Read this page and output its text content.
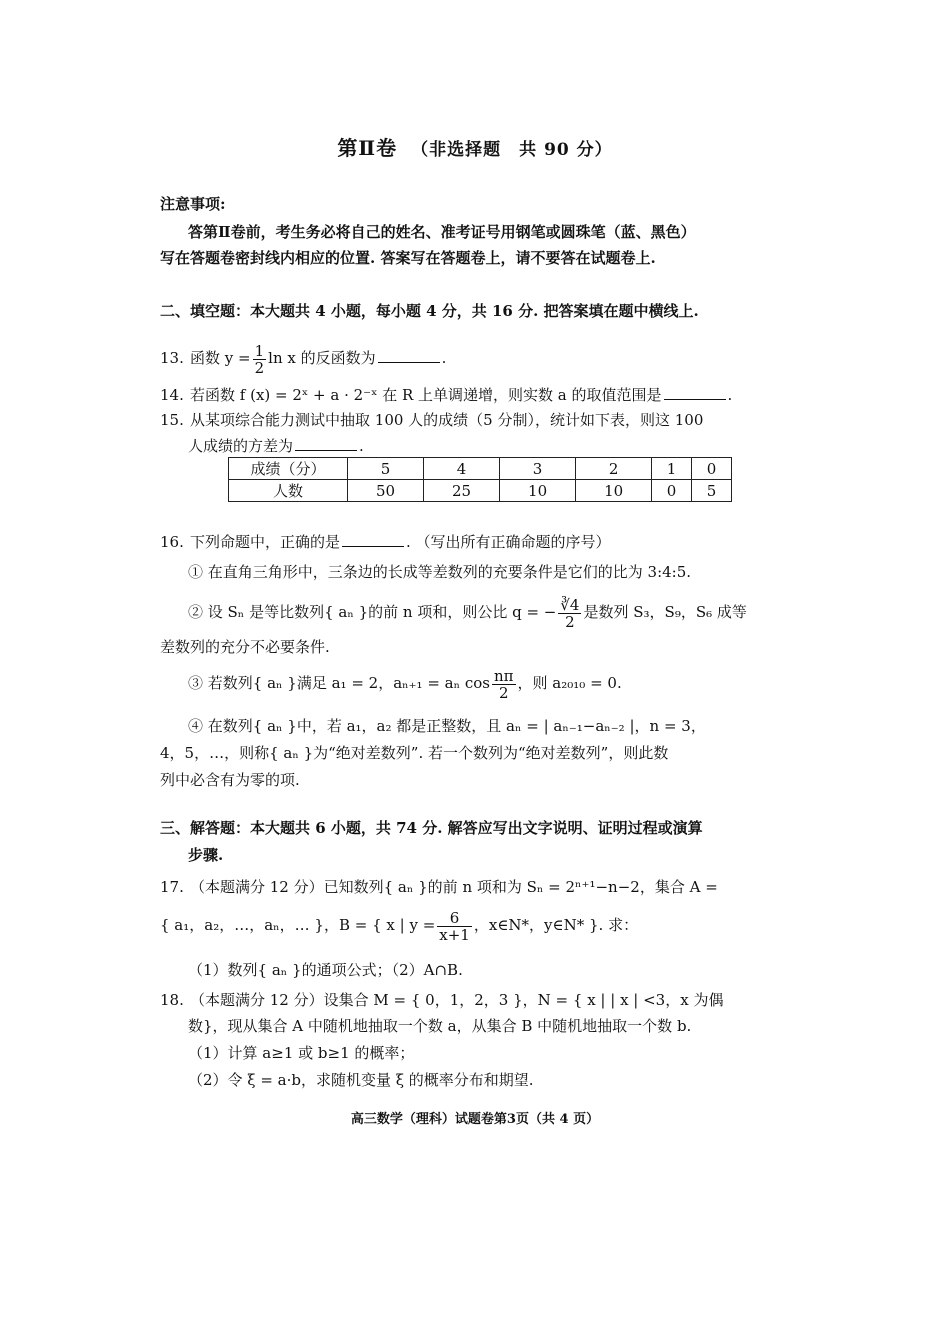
第Ⅱ卷 （非选择题　共 90 分）
注意事项:
答第Ⅱ卷前，考生务必将自己的姓名、准考证号用钢笔或圆珠笔（蓝、黑色）
写在答题卷密封线内相应的位置. 答案写在答题卷上，请不要答在试题卷上.
二、填空题：本大题共 4 小题，每小题 4 分，共 16 分. 把答案填在题中横线上.
13. 函数 $y = \frac{1}{2}$ ln x 的反函数为	.
14. 若函数 f (x) = 2ˣ + a · 2⁻ˣ 在 R 上单调递增，则实数 a 的取值范围是	.
15. 从某项综合能力测试中抽取 100 人的成绩（5 分制），统计如下表，则这 100
人成绩的方差为	.
成绩（分）	5	4	3	2	1	0
人数	50	25	10	10	0	5
16. 下列命题中，正确的是	. （写出所有正确命题的序号）
① 在直角三角形中，三条边的长成等差数列的充要条件是它们的比为 3:4:5.
② 设 Sₙ 是等比数列{ aₙ }的前 n 项和，则公比 q = − $\frac{∛4}{2}$ 是数列 S₃，S₉，S₆ 成等
差数列的充分不必要条件.
③ 若数列{ aₙ }满足 a₁ = 2，aₙ₊₁ = aₙ $\cos \frac{n\pi}{2}$ ，则 a₂₀₁₀ = 0.
④ 在数列{ aₙ }中，若 a₁，a₂ 都是正整数，且 aₙ = | aₙ₋₁−aₙ₋₂ |，n = 3，
4，5，…，则称{ aₙ }为“绝对差数列”. 若一个数列为“绝对差数列”，则此数
列中必含有为零的项.
三、解答题：本大题共 6 小题，共 74 分. 解答应写出文字说明、证明过程或演算
步骤.
17. （本题满分 12 分）已知数列{ aₙ }的前 n 项和为 Sₙ = 2ⁿ⁺¹−n−2，集合 A =
{ a₁，a₂，…，aₙ，… }，B = { x | $y = \frac{6}{x+1}$ ，x∈N*，y∈N* }. 求：
（1）数列{ aₙ }的通项公式；（2）A∩B.
18. （本题满分 12 分）设集合 M = { 0，1，2，3 }，N = { x | | x | <3，x 为偶
数}，现从集合 A 中随机地抽取一个数 a，从集合 B 中随机地抽取一个数 b.
（1）计算 a≥1 或 b≥1 的概率；
（2）令 ξ = a·b，求随机变量 ξ 的概率分布和期望.
高三数学（理科）试题卷第3页（共 4 页）
